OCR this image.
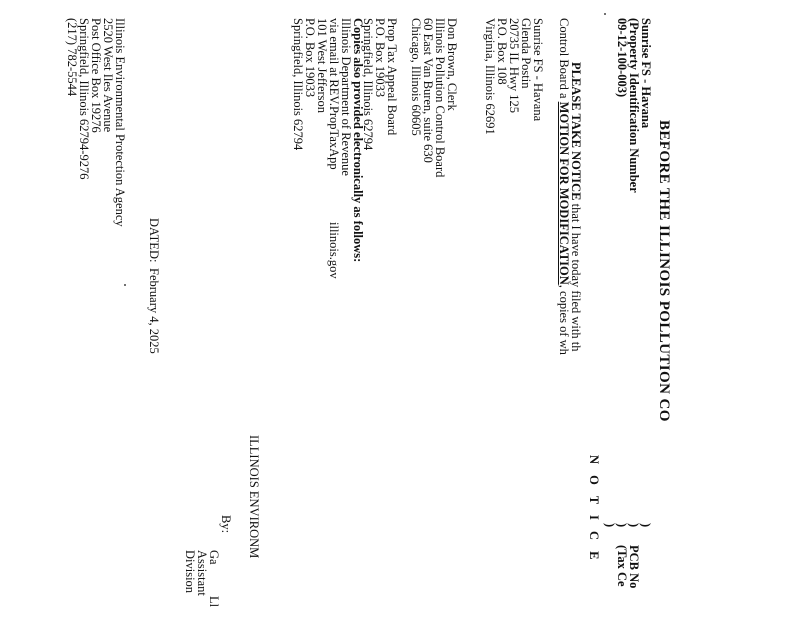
BEFORE THE ILLINOIS POLLUTION CO
Sunrise FS - Havana
(Property Identification Number
09-12-100-003)
)
)
)
)
PCB No
(Tax Ce
N O T I C E
PLEASE TAKE NOTICE that I have today filed with th
Control Board a MOTION FOR MODIFICATION, copies of wh
Sunrise FS - Havana
Glenda Postin
20735 IL Hwy 125
P.O. Box 108
Virginia, Illinois 62691
Don Brown, Clerk
Illinois Pollution Control Board
60 East Van Buren, suite 630
Chicago, Illinois 60605
Prop Tax Appeal Board
P.O. Box 19033
Springfield, Illinois 62794
Copies also provided electronically as follows:
Illinois Department of Revenue
via email at REV.PropTaxApp
illinois.gov
101 West Jefferson
P.O. Box 19033
Springfield, Illinois 62794
ILLINOIS ENVIRONM
By:
Ga
Ll
Assistant
Division
DATED:
February 4, 2025
Illinois Environmental Protection Agency
2520 West Iles Avenue
Post Office Box 19276
Springfield, Illinois 62794-9276
(217) 782-5544
